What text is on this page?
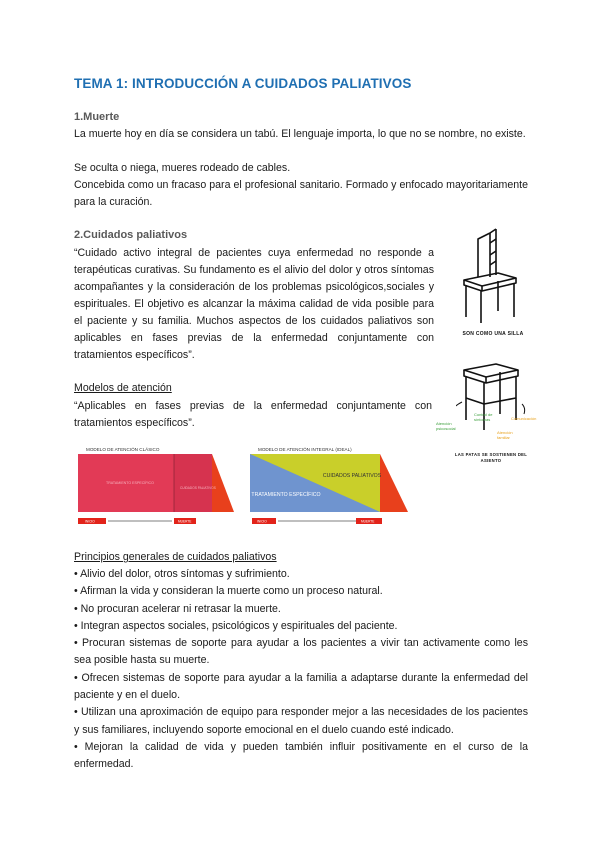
TEMA 1: INTRODUCCIÓN A CUIDADOS PALIATIVOS
1.Muerte
La muerte hoy en día se considera un tabú. El lenguaje importa, lo que no se nombre, no existe.
Se oculta o niega, mueres rodeado de cables.
Concebida como un fracaso para el profesional sanitario. Formado y enfocado mayoritariamente para la curación.
2.Cuidados paliativos
“Cuidado activo integral de pacientes cuya enfermedad no responde a terapéuticas curativas. Su fundamento es el alivio del dolor y otros síntomas acompañantes y la consideración de los problemas psicológicos,sociales y espirituales. El objetivo es alcanzar la máxima calidad de vida posible para el paciente y su familia. Muchos aspectos de los cuidados paliativos son aplicables en fases previas de la enfermedad conjuntamente con tratamientos específicos”.
SON COMO UNA SILLA
Atención psicosocial
Control de síntomas
Atención familiar
Comunicación
LAS PATAS SE SOSTIENEN DEL ASIENTO
Modelos de atención
“Aplicables en fases previas de la enfermedad conjuntamente con tratamientos específicos”.
MODELO DE ATENCIÓN CLÁSICO
TRATAMIENTO ESPECÍFICO
CUIDADOS PALIATIVOS
INICIO	MUERTE
MODELO DE ATENCIÓN INTEGRAL (IDEAL)
CUIDADOS PALIATIVOS
TRATAMIENTO ESPECÍFICO
INICIO	MUERTE
Principios generales de cuidados paliativos
• Alivio del dolor, otros síntomas y sufrimiento.
• Afirman la vida y consideran la muerte como un proceso natural.
• No procuran acelerar ni retrasar la muerte.
• Integran aspectos sociales, psicológicos y espirituales del paciente.
• Procuran sistemas de soporte para ayudar a los pacientes a vivir tan activamente como les sea posible hasta su muerte.
• Ofrecen sistemas de soporte para ayudar a la familia a adaptarse durante la enfermedad del paciente y en el duelo.
• Utilizan una aproximación de equipo para responder mejor a las necesidades de los pacientes y sus familiares, incluyendo soporte emocional en el duelo cuando esté indicado.
• Mejoran la calidad de vida y pueden también influir positivamente en el curso de la enfermedad.
